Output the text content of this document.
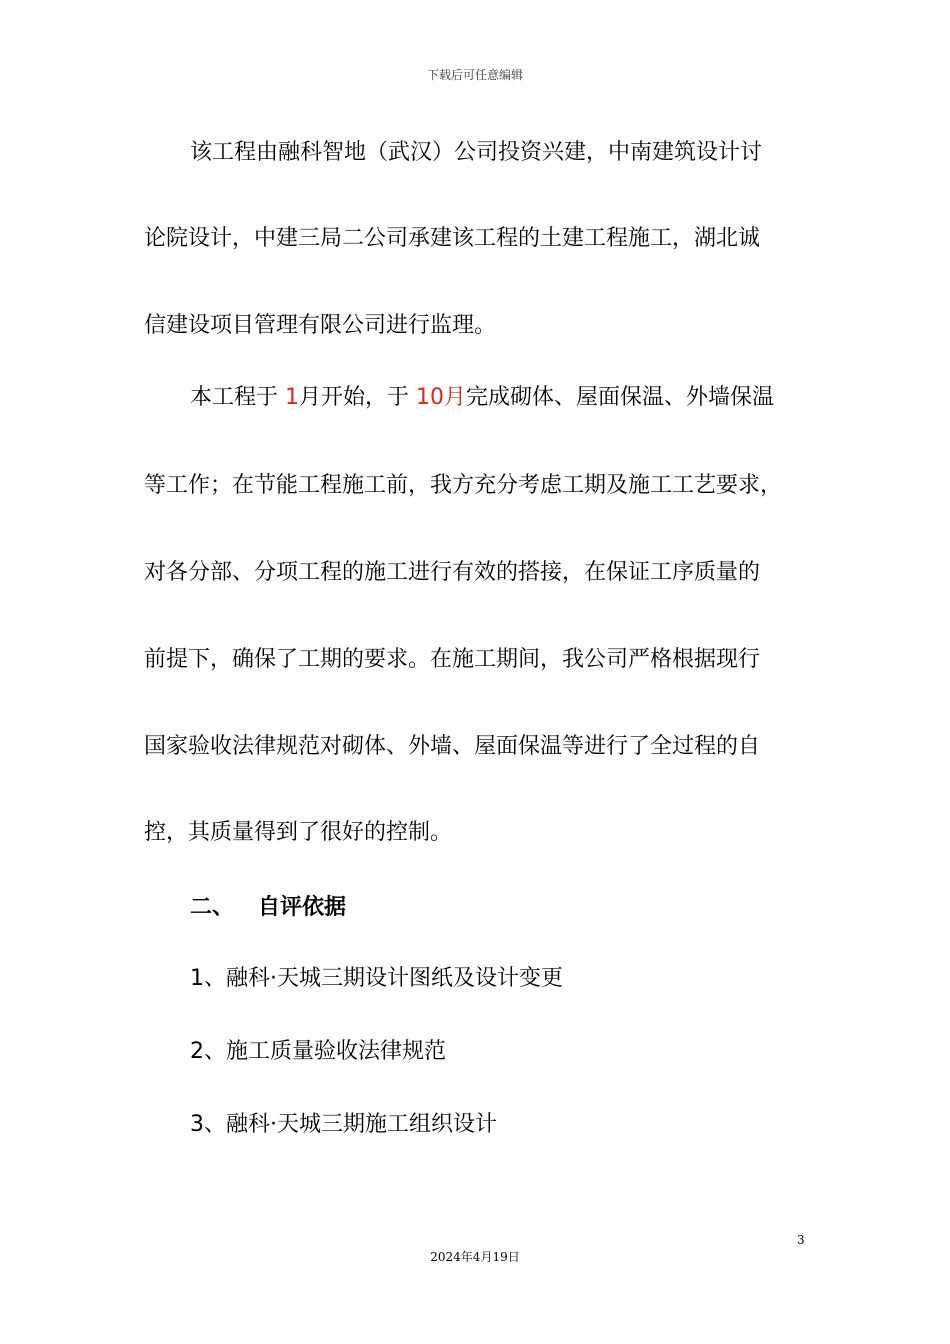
下载后可任意编辑
该工程由融科智地（武汉）公司投资兴建，中南建筑设计讨
论院设计，中建三局二公司承建该工程的土建工程施工，湖北诚
信建设项目管理有限公司进行监理。
本工程于 1月开始，于 10月完成砌体、屋面保温、外墙保温
等工作；在节能工程施工前，我方充分考虑工期及施工工艺要求，
对各分部、分项工程的施工进行有效的搭接，在保证工序质量的
前提下，确保了工期的要求。在施工期间，我公司严格根据现行
国家验收法律规范对砌体、外墙、屋面保温等进行了全过程的自
控，其质量得到了很好的控制。
二、 自评依据
1、融科·天城三期设计图纸及设计变更
2、施工质量验收法律规范
3、融科·天城三期施工组织设计
3
2024年4月19日
